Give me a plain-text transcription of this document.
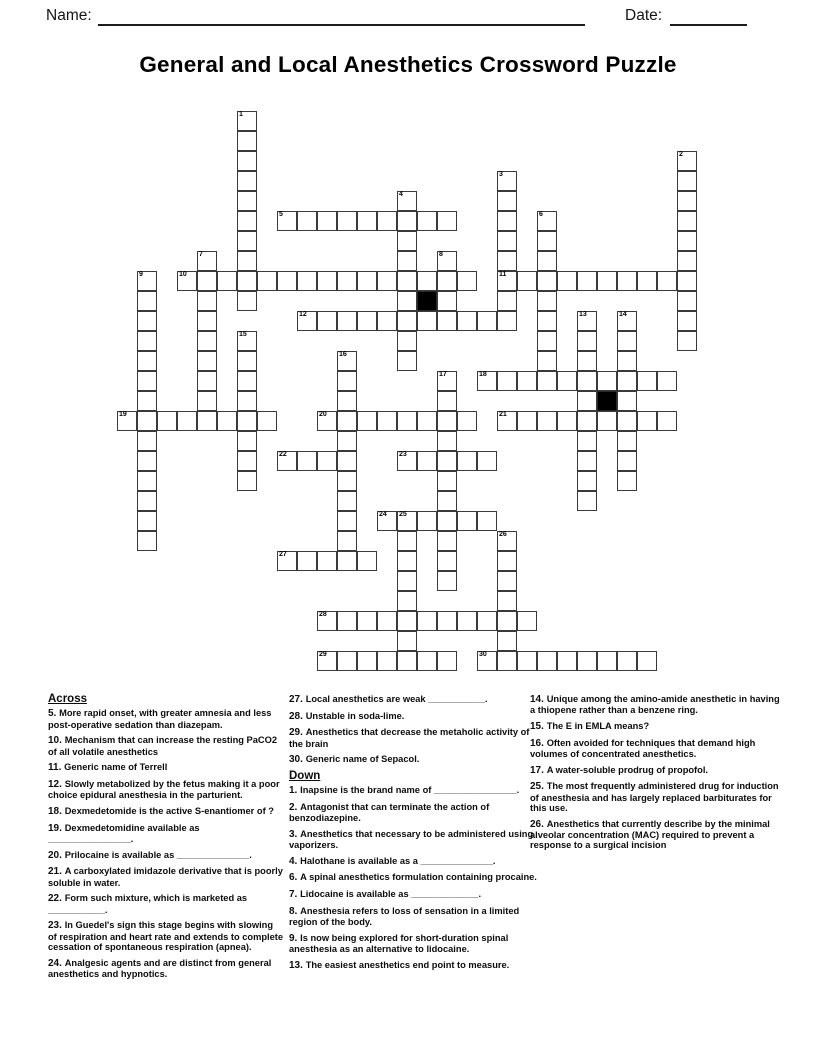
Name:	Date:
General and Local Anesthetics Crossword Puzzle
1
2
3
11
4
5	6
7	8
9	10
12	13	14
15
16
17	18
19	20	21
22	23
24 25
26
27
28
29	30
Across
5. More rapid onset, with greater amnesia and less post-operative sedation than diazepam.
10. Mechanism that can increase the resting PaCO2 of all volatile anesthetics
11. Generic name of Terrell
12. Slowly metabolized by the fetus making it a poor choice epidural anesthesia in the parturient.
18. Dexmedetomide is the active S-enantiomer of ?
19. Dexmedetomidine available as ________________.
20. Prilocaine is available as ______________.
21. A carboxylated imidazole derivative that is poorly soluble in water.
22. Form such mixture, which is marketed as ___________.
23. In Guedel's sign this stage begins with slowing of respiration and heart rate and extends to complete cessation of spontaneous respiration (apnea).
24. Analgesic agents and are distinct from general anesthetics and hypnotics.
27. Local anesthetics are weak ___________.
28. Unstable in soda-lime.
29. Anesthetics that decrease the metaholic activity of the brain
30. Generic name of Sepacol.
Down
1. Inapsine is the brand name of ________________.
2. Antagonist that can terminate the action of benzodiazepine.
3. Anesthetics that necessary to be administered using vaporizers.
4. Halothane is available as a ______________.
6. A spinal anesthetics formulation containing procaine.
7. Lidocaine is available as _____________.
8. Anesthesia refers to loss of sensation in a limited region of the body.
9. Is now being explored for short-duration spinal anesthesia as an alternative to lidocaine.
13. The easiest anesthetics end point to measure.
14. Unique among the amino-amide anesthetic in having a thiopene rather than a benzene ring.
15. The E in EMLA means?
16. Often avoided for techniques that demand high volumes of concentrated anesthetics.
17. A water-soluble prodrug of propofol.
25. The most frequently administered drug for induction of anesthesia and has largely replaced barbiturates for this use.
26. Anesthetics that currently describe by the minimal alveolar concentration (MAC) required to prevent a response to a surgical incision
